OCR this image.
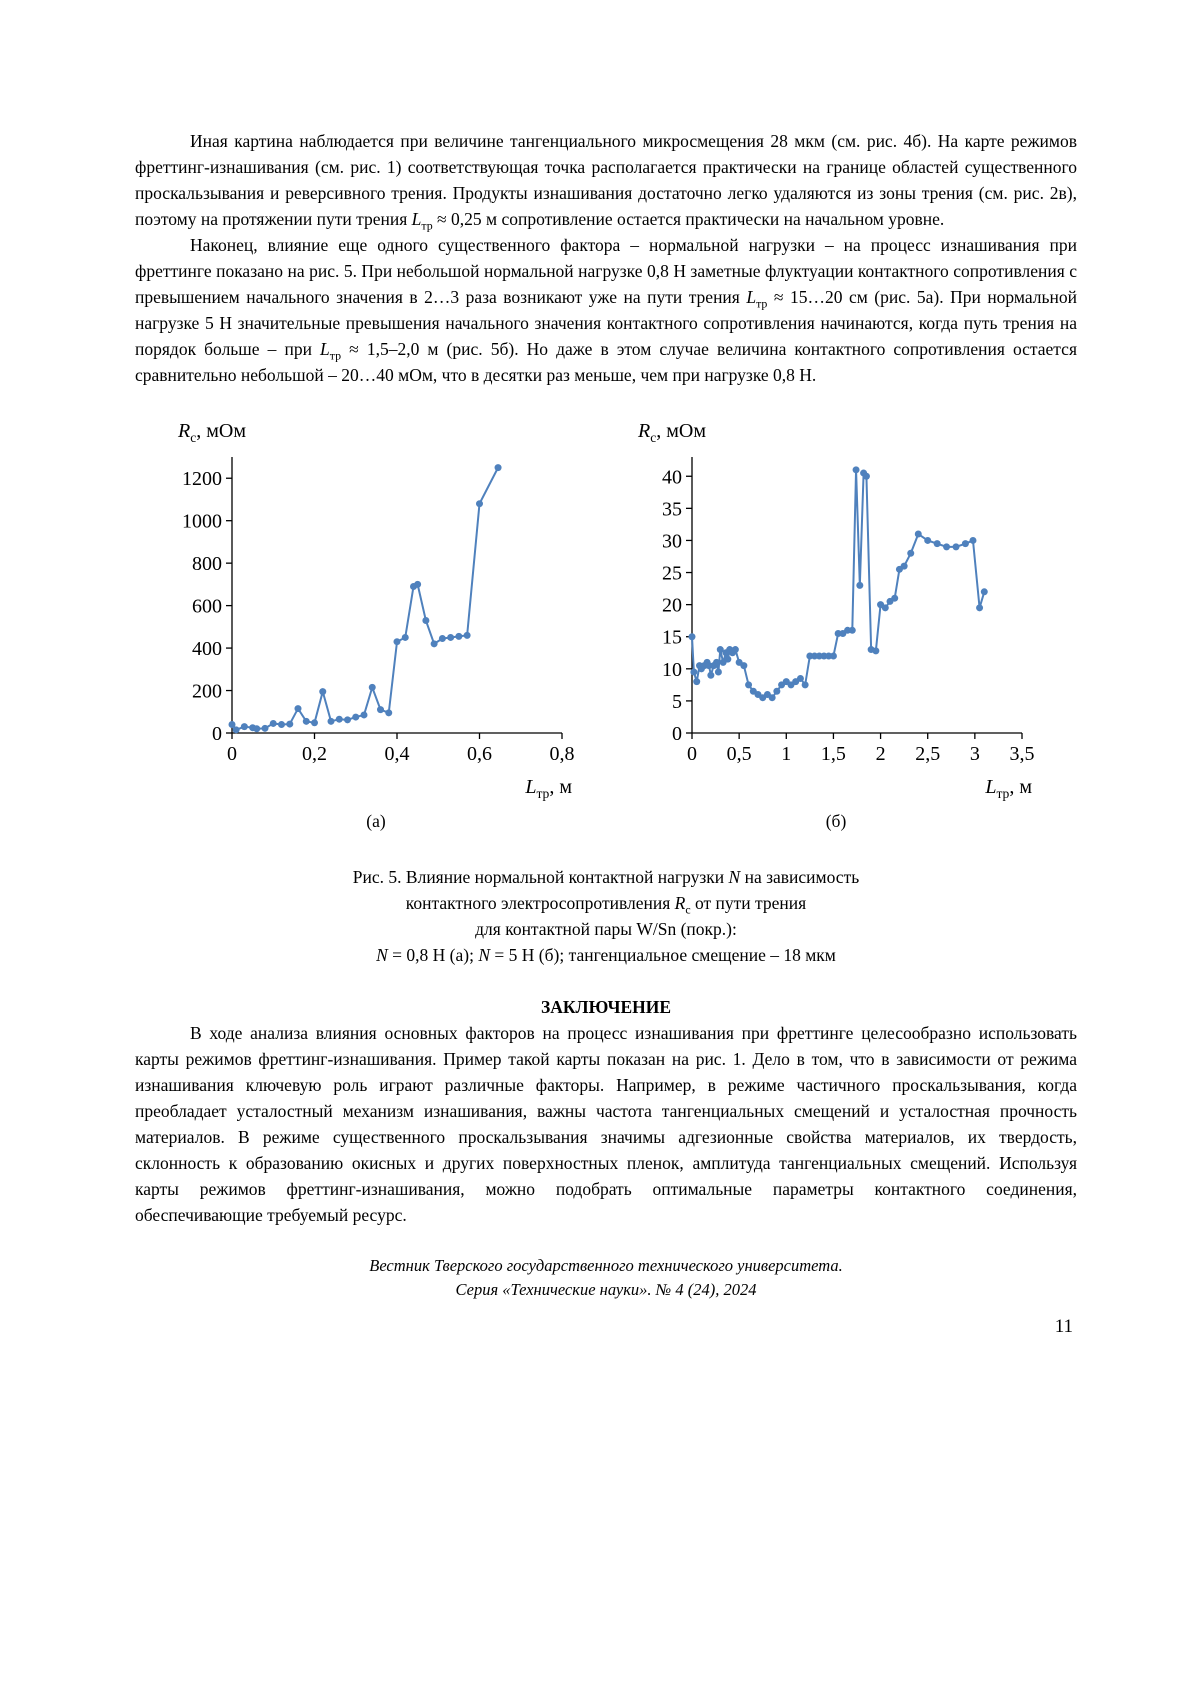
Иная картина наблюдается при величине тангенциального микросмещения 28 мкм (см. рис. 4б). На карте режимов фреттинг-изнашивания (см. рис. 1) соответствующая точка располагается практически на границе областей существенного проскальзывания и реверсивного трения. Продукты изнашивания достаточно легко удаляются из зоны трения (см. рис. 2в), поэтому на протяжении пути трения $L_{тр} \approx 0,25$ м сопротивление остается практически на начальном уровне.

Наконец, влияние еще одного существенного фактора – нормальной нагрузки – на процесс изнашивания при фреттинге показано на рис. 5. При небольшой нормальной нагрузке 0,8 Н заметные флуктуации контактного сопротивления с превышением начального значения в 2…3 раза возникают уже на пути трения $L_{тр}$ ≈ 15…20 см (рис. 5а). При нормальной нагрузке 5 Н значительные превышения начального значения контактного сопротивления начинаются, когда путь трения на порядок больше – при $L_{тр} \approx 1,5-2,0$ м (рис. 5б). Но даже в этом случае величина контактного сопротивления остается сравнительно небольшой – 20…40 мОм, что в десятки раз меньше, чем при нагрузке 0,8 Н.

$R_c$, мОм
0	0,2	0,4	0,6	0,8
0
200
400
600
800
1000
1200
$L_{тр}$, м
(а)
$R_c$, мОм
0 0,5 1 1,5 2 2,5 3 3,5
0
5
10
15
20
25
30
35
40
$L_{тр}$, м
(б)
Рис. 5. Влияние нормальной контактной нагрузки N на зависимость
контактного электросопротивления $R_c$ от пути трения
для контактной пары W/Sn (покр.):
N = 0,8 Н (а); N = 5 Н (б); тангенциальное смещение – 18 мкм
ЗАКЛЮЧЕНИЕ

В ходе анализа влияния основных факторов на процесс изнашивания при фреттинге целесообразно использовать карты режимов фреттинг-изнашивания. Пример такой карты показан на рис. 1. Дело в том, что в зависимости от режима изнашивания ключевую роль играют различные факторы. Например, в режиме частичного проскальзывания, когда преобладает усталостный механизм изнашивания, важны частота тангенциальных смещений и усталостная прочность материалов. В режиме существенного проскальзывания значимы адгезионные свойства материалов, их твердость, склонность к образованию окисных и других поверхностных пленок, амплитуда тангенциальных смещений. Используя карты режимов фреттинг-изнашивания, можно подобрать оптимальные параметры контактного соединения, обеспечивающие требуемый ресурс.

Вестник Тверского государственного технического университета.
Серия «Технические науки». № 4 (24), 2024
11
